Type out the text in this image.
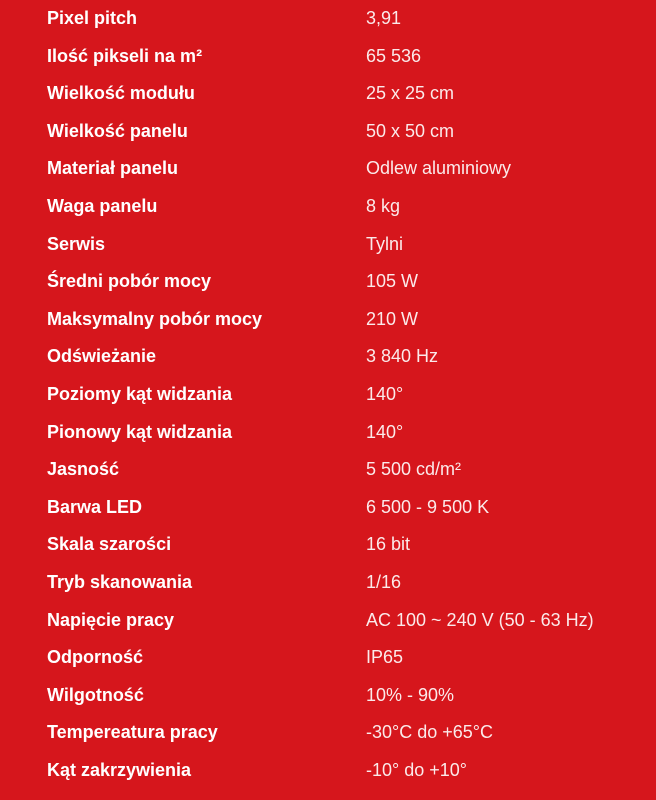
Pixel pitch	3,91
Ilość pikseli na m²	65 536
Wielkość modułu	25 x 25 cm
Wielkość panelu	50 x 50 cm
Materiał panelu	Odlew aluminiowy
Waga panelu	8 kg
Serwis	Tylni
Średni pobór mocy	105 W
Maksymalny pobór mocy	210 W
Odświeżanie	3 840 Hz
Poziomy kąt widzania	140°
Pionowy kąt widzania	140°
Jasność	5 500 cd/m²
Barwa LED	6 500 - 9 500 K
Skala szarości	16 bit
Tryb skanowania	1/16
Napięcie pracy	AC 100 ~ 240 V (50 - 63 Hz)
Odporność	IP65
Wilgotność	10% - 90%
Tempereatura pracy	-30°C do +65°C
Kąt zakrzywienia	-10° do +10°
